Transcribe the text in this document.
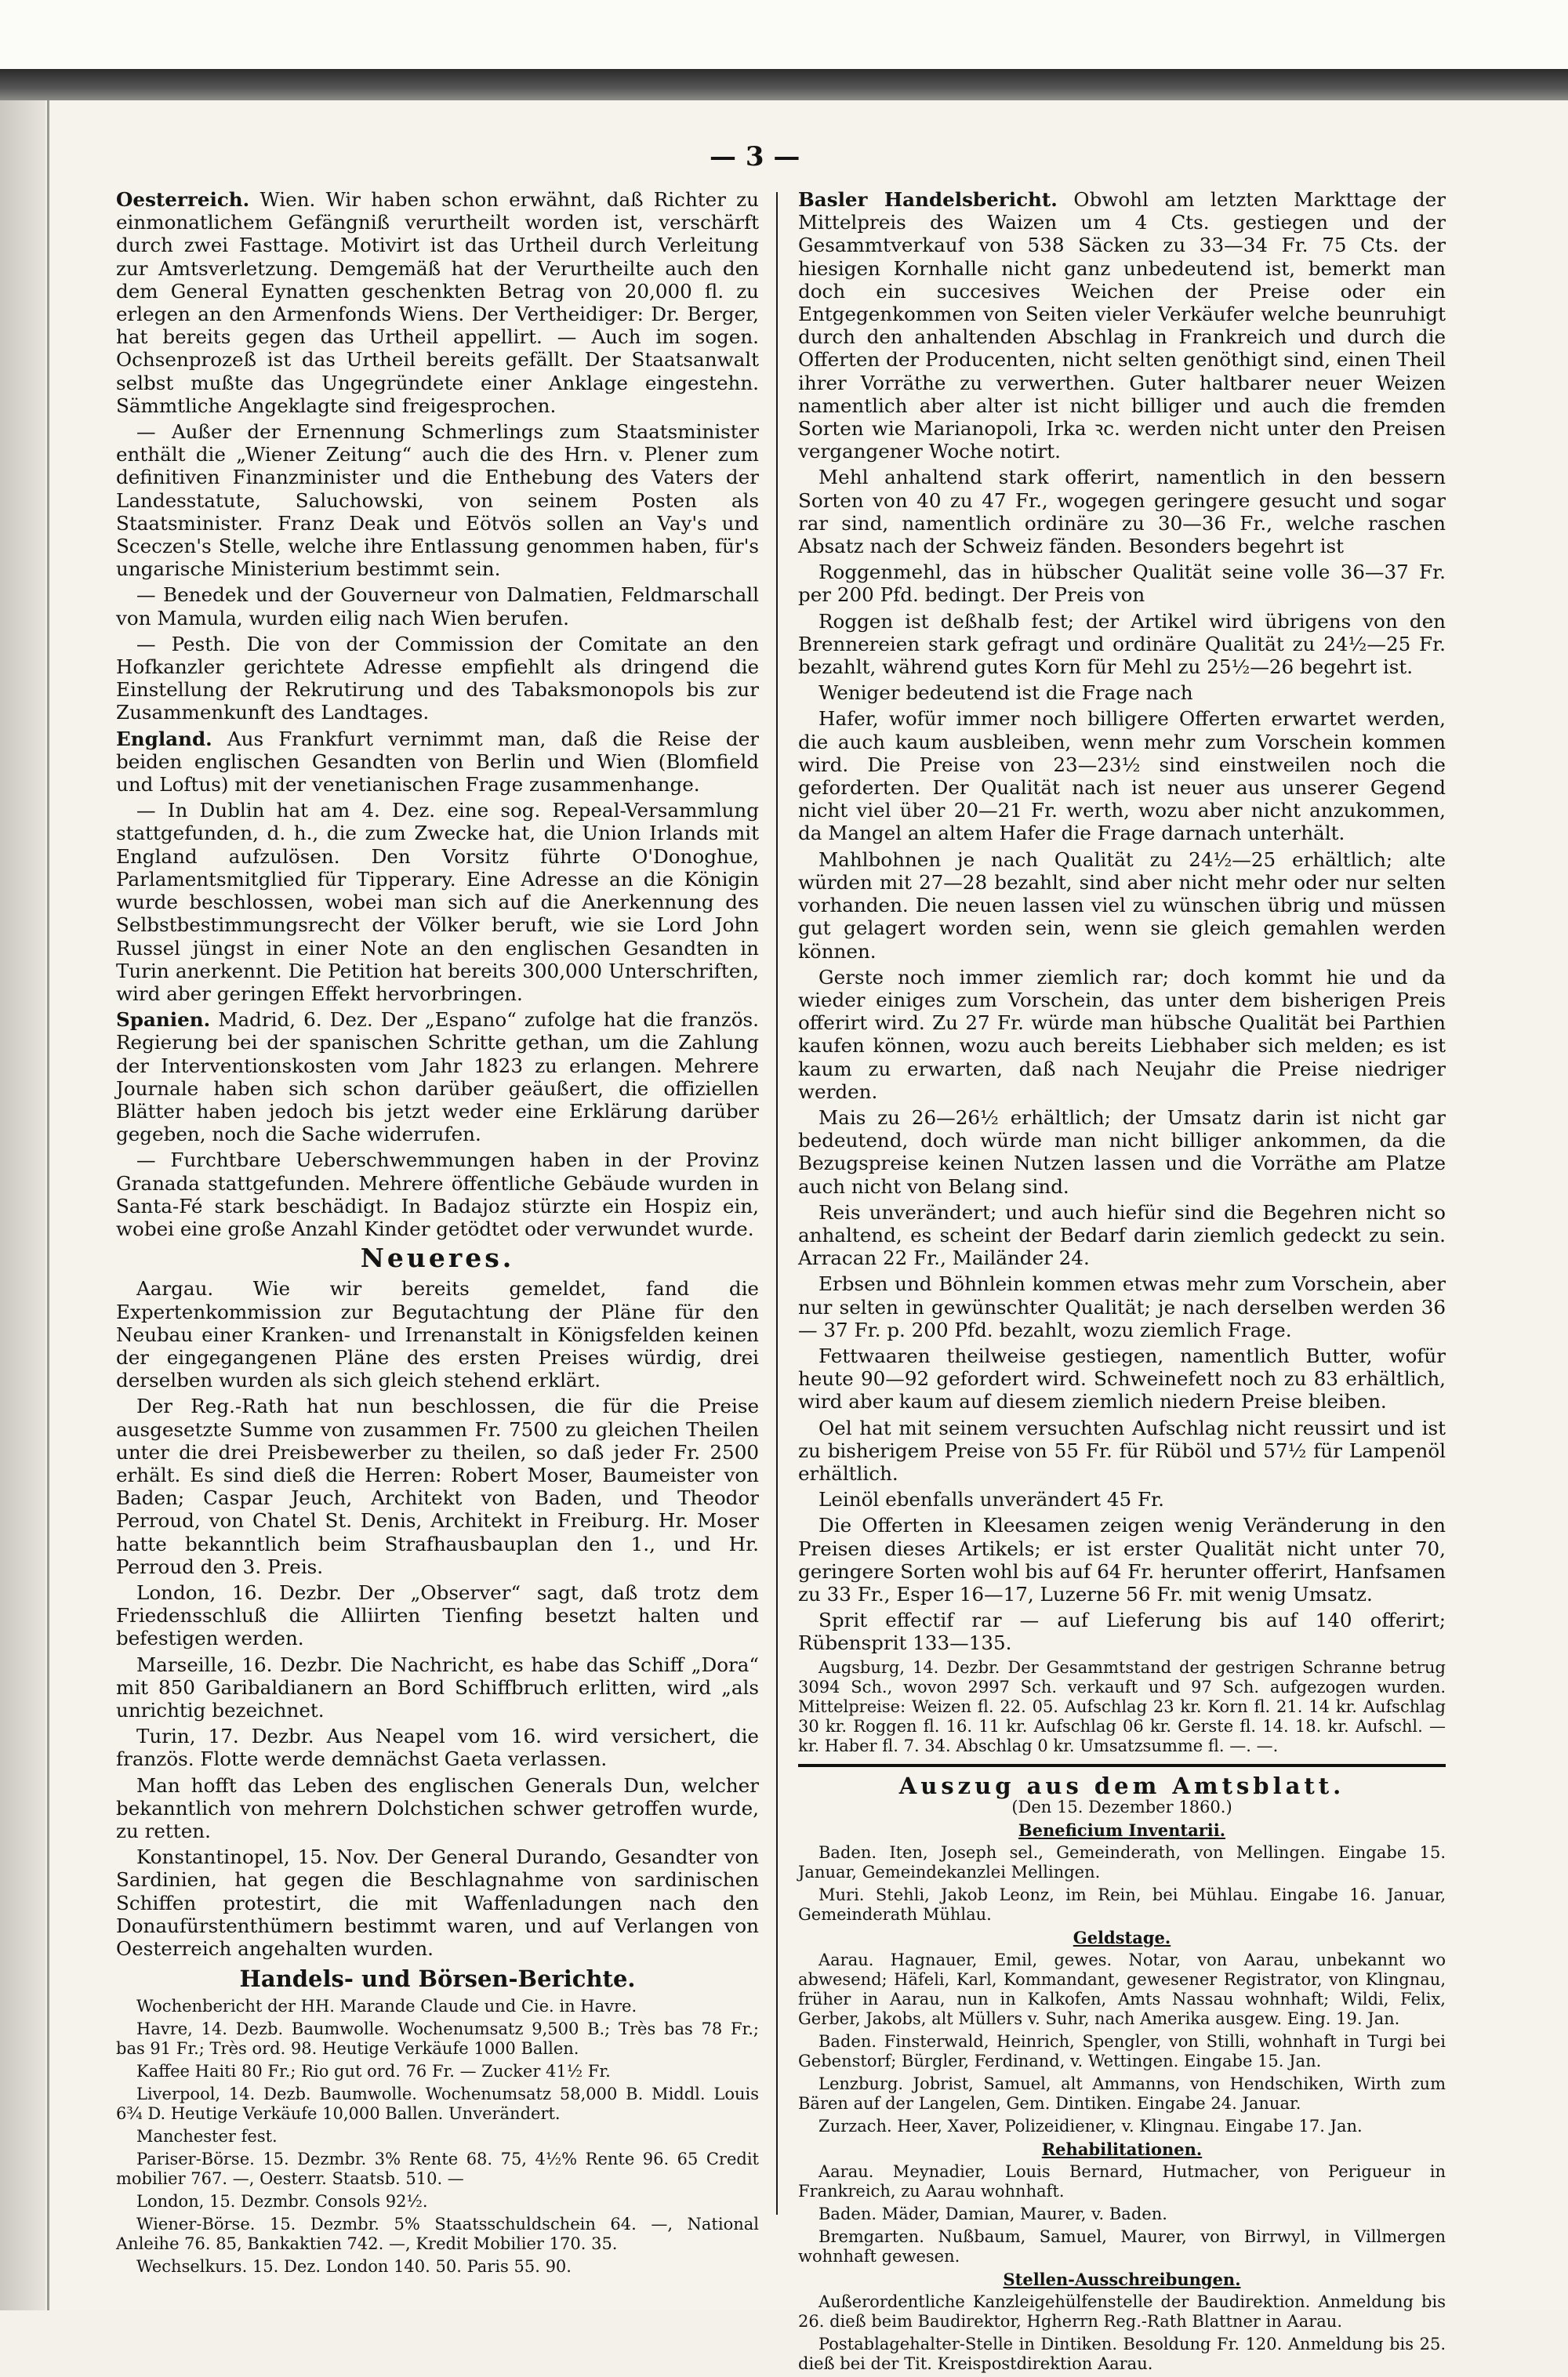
— 3 —

Oesterreich. Wien. Wir haben schon erwähnt, daß Richter zu einmonatlichem Gefängniß verurtheilt worden ist, verschärft durch zwei Fasttage. Motivirt ist das Urtheil durch Verleitung zur Amtsverletzung. Demgemäß hat der Verurtheilte auch den dem General Eynatten geschenkten Betrag von 20,000 fl. zu erlegen an den Armenfonds Wiens. Der Vertheidiger: Dr. Berger, hat bereits gegen das Urtheil appellirt. — Auch im sogen. Ochsenprozeß ist das Urtheil bereits gefällt. Der Staatsanwalt selbst mußte das Ungegründete einer Anklage eingestehn. Sämmtliche Angeklagte sind freigesprochen.

— Außer der Ernennung Schmerlings zum Staatsminister enthält die „Wiener Zeitung“ auch die des Hrn. v. Plener zum definitiven Finanzminister und die Enthebung des Vaters der Landesstatute, Saluchowski, von seinem Posten als Staatsminister. Franz Deak und Eötvös sollen an Vay's und Sceczen's Stelle, welche ihre Entlassung genommen haben, für's ungarische Ministerium bestimmt sein.

— Benedek und der Gouverneur von Dalmatien, Feldmarschall von Mamula, wurden eilig nach Wien berufen.

— Pesth. Die von der Commission der Comitate an den Hofkanzler gerichtete Adresse empfiehlt als dringend die Einstellung der Rekrutirung und des Tabaksmonopols bis zur Zusammenkunft des Landtages.

England. Aus Frankfurt vernimmt man, daß die Reise der beiden englischen Gesandten von Berlin und Wien (Blomfield und Loftus) mit der venetianischen Frage zusammenhange.

— In Dublin hat am 4. Dez. eine sog. Repeal-Versammlung stattgefunden, d. h., die zum Zwecke hat, die Union Irlands mit England aufzulösen. Den Vorsitz führte O'Donoghue, Parlamentsmitglied für Tipperary. Eine Adresse an die Königin wurde beschlossen, wobei man sich auf die Anerkennung des Selbstbestimmungsrecht der Völker beruft, wie sie Lord John Russel jüngst in einer Note an den englischen Gesandten in Turin anerkennt. Die Petition hat bereits 300,000 Unterschriften, wird aber geringen Effekt hervorbringen.

Spanien. Madrid, 6. Dez. Der „Espano“ zufolge hat die französ. Regierung bei der spanischen Schritte gethan, um die Zahlung der Interventionskosten vom Jahr 1823 zu erlangen. Mehrere Journale haben sich schon darüber geäußert, die offiziellen Blätter haben jedoch bis jetzt weder eine Erklärung darüber gegeben, noch die Sache widerrufen.

— Furchtbare Ueberschwemmungen haben in der Provinz Granada stattgefunden. Mehrere öffentliche Gebäude wurden in Santa-Fé stark beschädigt. In Badajoz stürzte ein Hospiz ein, wobei eine große Anzahl Kinder getödtet oder verwundet wurde.

Neueres.

Aargau. Wie wir bereits gemeldet, fand die Expertenkommission zur Begutachtung der Pläne für den Neubau einer Kranken- und Irrenanstalt in Königsfelden keinen der eingegangenen Pläne des ersten Preises würdig, drei derselben wurden als sich gleich stehend erklärt.

Der Reg.-Rath hat nun beschlossen, die für die Preise ausgesetzte Summe von zusammen Fr. 7500 zu gleichen Theilen unter die drei Preisbewerber zu theilen, so daß jeder Fr. 2500 erhält. Es sind dieß die Herren: Robert Moser, Baumeister von Baden; Caspar Jeuch, Architekt von Baden, und Theodor Perroud, von Chatel St. Denis, Architekt in Freiburg. Hr. Moser hatte bekanntlich beim Strafhausbauplan den 1., und Hr. Perroud den 3. Preis.

London, 16. Dezbr. Der „Observer“ sagt, daß trotz dem Friedensschluß die Alliirten Tienfing besetzt halten und befestigen werden.

Marseille, 16. Dezbr. Die Nachricht, es habe das Schiff „Dora“ mit 850 Garibaldianern an Bord Schiffbruch erlitten, wird „als unrichtig bezeichnet.

Turin, 17. Dezbr. Aus Neapel vom 16. wird versichert, die französ. Flotte werde demnächst Gaeta verlassen.

Man hofft das Leben des englischen Generals Dun, welcher bekanntlich von mehrern Dolchstichen schwer getroffen wurde, zu retten.

Konstantinopel, 15. Nov. Der General Durando, Gesandter von Sardinien, hat gegen die Beschlagnahme von sardinischen Schiffen protestirt, die mit Waffenladungen nach den Donaufürstenthümern bestimmt waren, und auf Verlangen von Oesterreich angehalten wurden.

Handels- und Börsen-Berichte.

Wochenbericht der HH. Marande Claude und Cie. in Havre.

Havre, 14. Dezb. Baumwolle. Wochenumsatz 9,500 B.; Très bas 78 Fr.; bas 91 Fr.; Très ord. 98. Heutige Verkäufe 1000 Ballen.

Kaffee Haiti 80 Fr.; Rio gut ord. 76 Fr. — Zucker 41½ Fr.

Liverpool, 14. Dezb. Baumwolle. Wochenumsatz 58,000 B. Middl. Louis 6¾ D. Heutige Verkäufe 10,000 Ballen. Unverändert.

Manchester fest.

Pariser-Börse. 15. Dezmbr. 3% Rente 68. 75, 4½% Rente 96. 65 Credit mobilier 767. —, Oesterr. Staatsb. 510. —

London, 15. Dezmbr. Consols 92½.

Wiener-Börse. 15. Dezmbr. 5% Staatsschuldschein 64. —, National Anleihe 76. 85, Bankaktien 742. —, Kredit Mobilier 170. 35.

Wechselkurs. 15. Dez. London 140. 50. Paris 55. 90.

Basler Handelsbericht. Obwohl am letzten Markttage der Mittelpreis des Waizen um 4 Cts. gestiegen und der Gesammtverkauf von 538 Säcken zu 33—34 Fr. 75 Cts. der hiesigen Kornhalle nicht ganz unbedeutend ist, bemerkt man doch ein succesives Weichen der Preise oder ein Entgegenkommen von Seiten vieler Verkäufer welche beunruhigt durch den anhaltenden Abschlag in Frankreich und durch die Offerten der Producenten, nicht selten genöthigt sind, einen Theil ihrer Vorräthe zu verwerthen. Guter haltbarer neuer Weizen namentlich aber alter ist nicht billiger und auch die fremden Sorten wie Marianopoli, Irka ꝛc. werden nicht unter den Preisen vergangener Woche notirt.

Mehl anhaltend stark offerirt, namentlich in den bessern Sorten von 40 zu 47 Fr., wogegen geringere gesucht und sogar rar sind, namentlich ordinäre zu 30—36 Fr., welche raschen Absatz nach der Schweiz fänden. Besonders begehrt ist

Roggenmehl, das in hübscher Qualität seine volle 36—37 Fr. per 200 Pfd. bedingt. Der Preis von

Roggen ist deßhalb fest; der Artikel wird übrigens von den Brennereien stark gefragt und ordinäre Qualität zu 24½—25 Fr. bezahlt, während gutes Korn für Mehl zu 25½—26 begehrt ist.

Weniger bedeutend ist die Frage nach

Hafer, wofür immer noch billigere Offerten erwartet werden, die auch kaum ausbleiben, wenn mehr zum Vorschein kommen wird. Die Preise von 23—23½ sind einstweilen noch die geforderten. Der Qualität nach ist neuer aus unserer Gegend nicht viel über 20—21 Fr. werth, wozu aber nicht anzukommen, da Mangel an altem Hafer die Frage darnach unterhält.

Mahlbohnen je nach Qualität zu 24½—25 erhältlich; alte würden mit 27—28 bezahlt, sind aber nicht mehr oder nur selten vorhanden. Die neuen lassen viel zu wünschen übrig und müssen gut gelagert worden sein, wenn sie gleich gemahlen werden können.

Gerste noch immer ziemlich rar; doch kommt hie und da wieder einiges zum Vorschein, das unter dem bisherigen Preis offerirt wird. Zu 27 Fr. würde man hübsche Qualität bei Parthien kaufen können, wozu auch bereits Liebhaber sich melden; es ist kaum zu erwarten, daß nach Neujahr die Preise niedriger werden.

Mais zu 26—26½ erhältlich; der Umsatz darin ist nicht gar bedeutend, doch würde man nicht billiger ankommen, da die Bezugspreise keinen Nutzen lassen und die Vorräthe am Platze auch nicht von Belang sind.

Reis unverändert; und auch hiefür sind die Begehren nicht so anhaltend, es scheint der Bedarf darin ziemlich gedeckt zu sein. Arracan 22 Fr., Mailänder 24.

Erbsen und Böhnlein kommen etwas mehr zum Vorschein, aber nur selten in gewünschter Qualität; je nach derselben werden 36 — 37 Fr. p. 200 Pfd. bezahlt, wozu ziemlich Frage.

Fettwaaren theilweise gestiegen, namentlich Butter, wofür heute 90—92 gefordert wird. Schweinefett noch zu 83 erhältlich, wird aber kaum auf diesem ziemlich niedern Preise bleiben.

Oel hat mit seinem versuchten Aufschlag nicht reussirt und ist zu bisherigem Preise von 55 Fr. für Rüböl und 57½ für Lampenöl erhältlich.

Leinöl ebenfalls unverändert 45 Fr.

Die Offerten in Kleesamen zeigen wenig Veränderung in den Preisen dieses Artikels; er ist erster Qualität nicht unter 70, geringere Sorten wohl bis auf 64 Fr. herunter offerirt, Hanfsamen zu 33 Fr., Esper 16—17, Luzerne 56 Fr. mit wenig Umsatz.

Sprit effectif rar — auf Lieferung bis auf 140 offerirt; Rübensprit 133—135.

Augsburg, 14. Dezbr. Der Gesammtstand der gestrigen Schranne betrug 3094 Sch., wovon 2997 Sch. verkauft und 97 Sch. aufgezogen wurden. Mittelpreise: Weizen fl. 22. 05. Aufschlag 23 kr. Korn fl. 21. 14 kr. Aufschlag 30 kr. Roggen fl. 16. 11 kr. Aufschlag 06 kr. Gerste fl. 14. 18. kr. Aufschl. — kr. Haber fl. 7. 34. Abschlag 0 kr. Umsatzsumme fl. —. —.

Auszug aus dem Amtsblatt.
(Den 15. Dezember 1860.)
Beneficium Inventarii.

Baden. Iten, Joseph sel., Gemeinderath, von Mellingen. Eingabe 15. Januar, Gemeindekanzlei Mellingen.

Muri. Stehli, Jakob Leonz, im Rein, bei Mühlau. Eingabe 16. Januar, Gemeinderath Mühlau.

Geldstage.

Aarau. Hagnauer, Emil, gewes. Notar, von Aarau, unbekannt wo abwesend; Häfeli, Karl, Kommandant, gewesener Registrator, von Klingnau, früher in Aarau, nun in Kalkofen, Amts Nassau wohnhaft; Wildi, Felix, Gerber, Jakobs, alt Müllers v. Suhr, nach Amerika ausgew. Eing. 19. Jan.

Baden. Finsterwald, Heinrich, Spengler, von Stilli, wohnhaft in Turgi bei Gebenstorf; Bürgler, Ferdinand, v. Wettingen. Eingabe 15. Jan.

Lenzburg. Jobrist, Samuel, alt Ammanns, von Hendschiken, Wirth zum Bären auf der Langelen, Gem. Dintiken. Eingabe 24. Januar.

Zurzach. Heer, Xaver, Polizeidiener, v. Klingnau. Eingabe 17. Jan.

Rehabilitationen.

Aarau. Meynadier, Louis Bernard, Hutmacher, von Perigueur in Frankreich, zu Aarau wohnhaft.

Baden. Mäder, Damian, Maurer, v. Baden.

Bremgarten. Nußbaum, Samuel, Maurer, von Birrwyl, in Villmergen wohnhaft gewesen.

Stellen-Ausschreibungen.

Außerordentliche Kanzleigehülfenstelle der Baudirektion. Anmeldung bis 26. dieß beim Baudirektor, Hgherrn Reg.-Rath Blattner in Aarau.

Postablagehalter-Stelle in Dintiken. Besoldung Fr. 120. Anmeldung bis 25. dieß bei der Tit. Kreispostdirektion Aarau.
